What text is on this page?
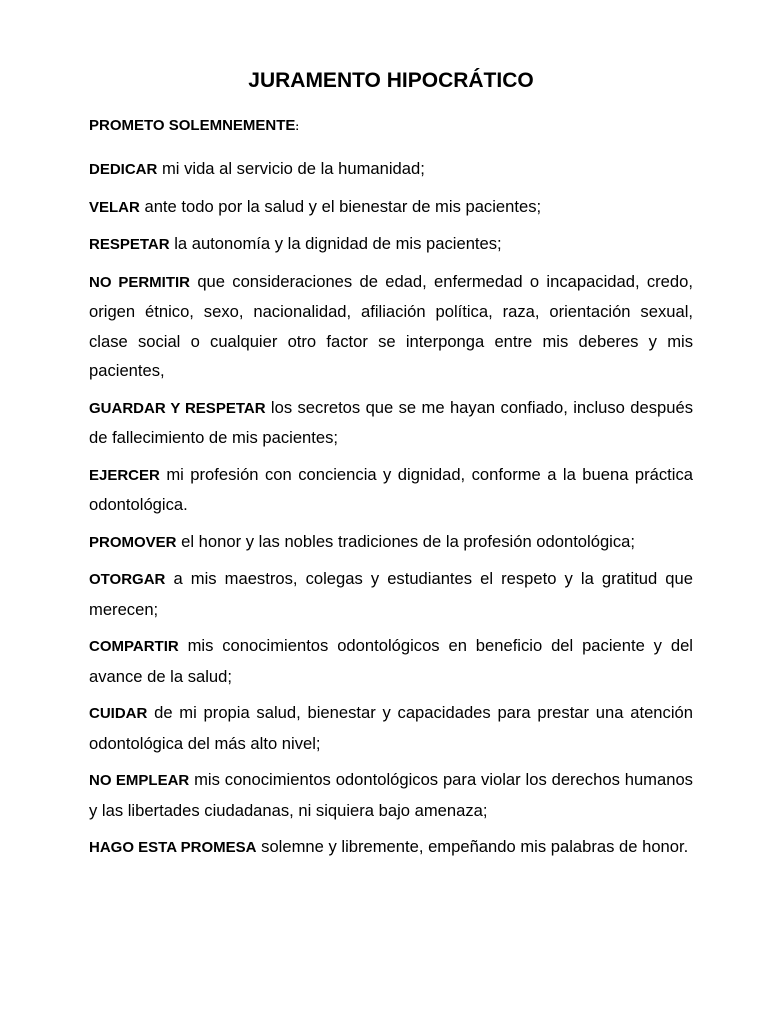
JURAMENTO HIPOCRÁTICO

PROMETO SOLEMNEMENTE:

DEDICAR mi vida al servicio de la humanidad;

VELAR ante todo por la salud y el bienestar de mis pacientes;

RESPETAR la autonomía y la dignidad de mis pacientes;

NO PERMITIR que consideraciones de edad, enfermedad o incapacidad, credo, origen étnico, sexo, nacionalidad, afiliación política, raza, orientación sexual, clase social o cualquier otro factor se interponga entre mis deberes y mis pacientes,

GUARDAR Y RESPETAR los secretos que se me hayan confiado, incluso después de fallecimiento de mis pacientes;

EJERCER mi profesión con conciencia y dignidad, conforme a la buena práctica odontológica.

PROMOVER el honor y las nobles tradiciones de la profesión odontológica;

OTORGAR a mis maestros, colegas y estudiantes el respeto y la gratitud que merecen;

COMPARTIR mis conocimientos odontológicos en beneficio del paciente y del avance de la salud;

CUIDAR de mi propia salud, bienestar y capacidades para prestar una atención odontológica del más alto nivel;

NO EMPLEAR mis conocimientos odontológicos para violar los derechos humanos y las libertades ciudadanas, ni siquiera bajo amenaza;

HAGO ESTA PROMESA solemne y libremente, empeñando mis palabras de honor.
